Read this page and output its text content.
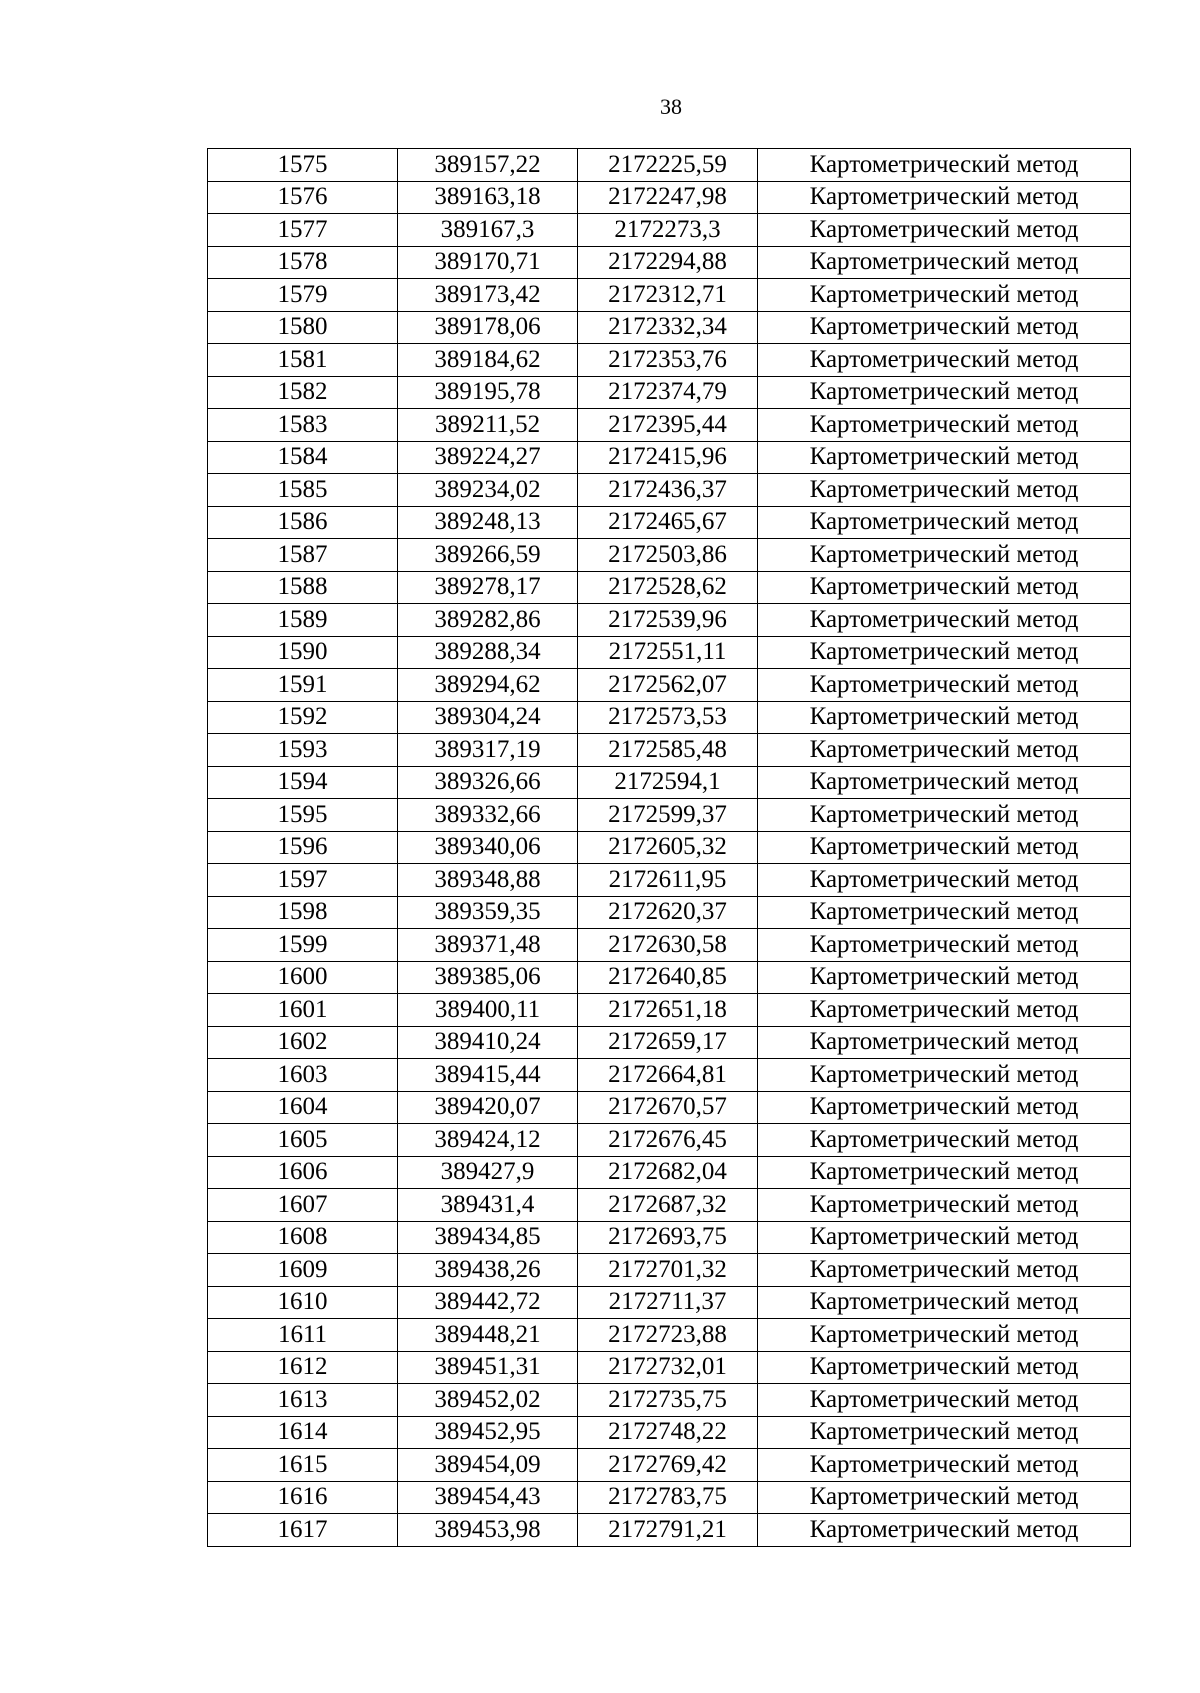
38
1575	389157,22	2172225,59	Картометрический метод
1576	389163,18	2172247,98	Картометрический метод
1577	389167,3	2172273,3	Картометрический метод
1578	389170,71	2172294,88	Картометрический метод
1579	389173,42	2172312,71	Картометрический метод
1580	389178,06	2172332,34	Картометрический метод
1581	389184,62	2172353,76	Картометрический метод
1582	389195,78	2172374,79	Картометрический метод
1583	389211,52	2172395,44	Картометрический метод
1584	389224,27	2172415,96	Картометрический метод
1585	389234,02	2172436,37	Картометрический метод
1586	389248,13	2172465,67	Картометрический метод
1587	389266,59	2172503,86	Картометрический метод
1588	389278,17	2172528,62	Картометрический метод
1589	389282,86	2172539,96	Картометрический метод
1590	389288,34	2172551,11	Картометрический метод
1591	389294,62	2172562,07	Картометрический метод
1592	389304,24	2172573,53	Картометрический метод
1593	389317,19	2172585,48	Картометрический метод
1594	389326,66	2172594,1	Картометрический метод
1595	389332,66	2172599,37	Картометрический метод
1596	389340,06	2172605,32	Картометрический метод
1597	389348,88	2172611,95	Картометрический метод
1598	389359,35	2172620,37	Картометрический метод
1599	389371,48	2172630,58	Картометрический метод
1600	389385,06	2172640,85	Картометрический метод
1601	389400,11	2172651,18	Картометрический метод
1602	389410,24	2172659,17	Картометрический метод
1603	389415,44	2172664,81	Картометрический метод
1604	389420,07	2172670,57	Картометрический метод
1605	389424,12	2172676,45	Картометрический метод
1606	389427,9	2172682,04	Картометрический метод
1607	389431,4	2172687,32	Картометрический метод
1608	389434,85	2172693,75	Картометрический метод
1609	389438,26	2172701,32	Картометрический метод
1610	389442,72	2172711,37	Картометрический метод
1611	389448,21	2172723,88	Картометрический метод
1612	389451,31	2172732,01	Картометрический метод
1613	389452,02	2172735,75	Картометрический метод
1614	389452,95	2172748,22	Картометрический метод
1615	389454,09	2172769,42	Картометрический метод
1616	389454,43	2172783,75	Картометрический метод
1617	389453,98	2172791,21	Картометрический метод
